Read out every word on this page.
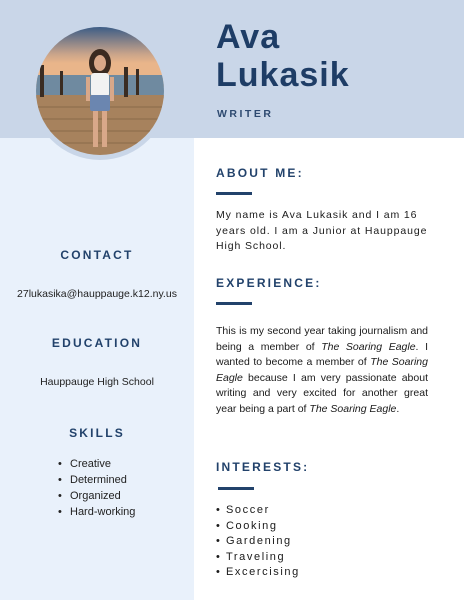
Ava
Lukasik
WRITER
CONTACT
27lukasika@hauppauge.k12.ny.us
EDUCATION
Hauppauge High School
SKILLS
• Creative
• Determined
• Organized
• Hard-working
ABOUT ME:
My name is Ava Lukasik and I am 16 years old. I am a Junior at Hauppauge High School.
EXPERIENCE:
This is my second year taking journalism and being a member of The Soaring Eagle. I wanted to become a member of The Soaring Eagle because I am very passionate about writing and very excited for another great year being a part of The Soaring Eagle.
INTERESTS:
• Soccer
• Cooking
• Gardening
• Traveling
• Excercising
